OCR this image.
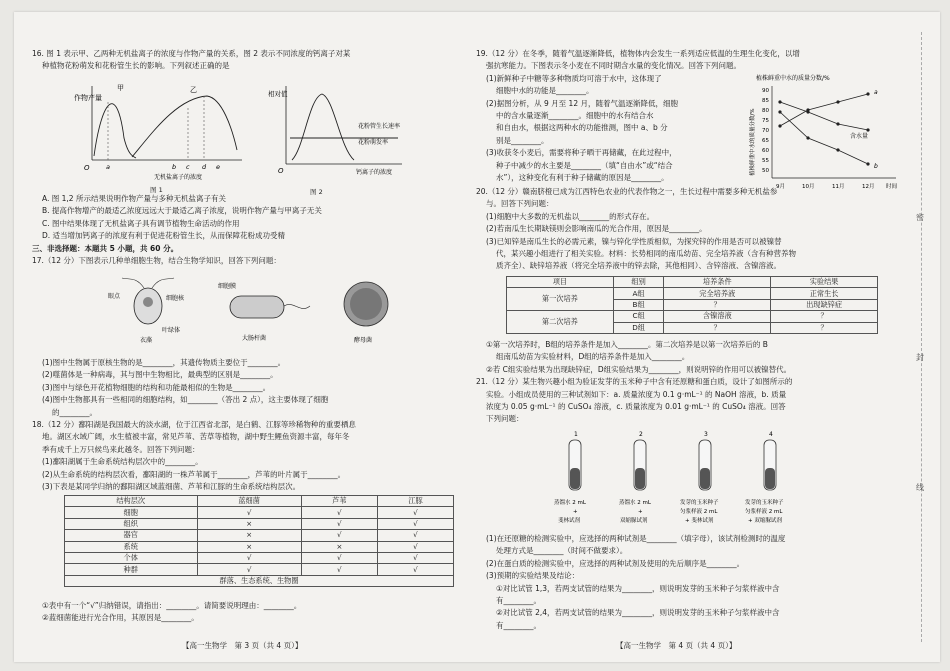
16. 图 1 表示甲、乙两种无机盐离子的浓度与作物产量的关系，图 2 表示不同浓度的钙离子对某

种植物花粉萌发和花粉管生长的影响。下列叙述正确的是

作物产量
甲	乙
O	a	b c d e
无机盐离子的浓度
图 1
相对值
花粉管生长速率
花粉萌发率
O	钙离子的浓度
图 2

A. 图 1,2 所示结果说明作物产量与多种无机盐离子有关

B. 提高作物增产的最适乙浓度远远大于最适乙离子浓度，说明作物产量与甲离子无关

C. 图中结果体现了无机盐离子具有调节植物生命活动的作用

D. 适当增加钙离子的浓度有利于促进花粉管生长，从而保障花粉成功受精

三、非选择题：本题共 5 小题，共 60 分。

17.（12 分）下图表示几种单细胞生物，结合生物学知识，回答下列问题：

眼点	细胞核
叶绿体
衣藻
细胞膜
大肠杆菌	酵母菌

(1)图中生物属于原核生物的是________，其遗传物质主要位于________。

(2)噬菌体是一种病毒，其与图中生物相比，最典型的区别是________。

(3)图中与绿色开花植物细胞的结构和功能最相似的生物是________。

(4)图中生物都具有一些相同的细胞结构，如________（答出 2 点），这主要体现了细胞

的________。

18.（12 分）鄱阳湖是我国最大的淡水湖，位于江西省北部，是白鹤、江豚等珍稀物种的重要栖息

地。湖区水域广阔，水生植被丰富，常见芦苇、苦草等植物，湖中野生鲤鱼资源丰富，每年冬

季有成千上万只候鸟来此越冬。回答下列问题：

(1)鄱阳湖属于生命系统结构层次中的________。

(2)从生命系统的结构层次看，鄱阳湖的一株芦苇属于________，芦苇的叶片属于________。

(3)下表是某同学归纳的鄱阳湖区域蓝细菌、芦苇和江豚的生命系统结构层次。

结构层次	蓝细菌	芦苇	江豚
细胞	√	√	√
组织	×	√	√
器官	×	√	√
系统	×	×	√
个体	√	√	√
种群	√	√	√
群落、生态系统、生物圈			

①表中有一个“√”归纳错误，请指出：________。请简要说明理由：________。

②蓝细菌能进行光合作用，其原因是________。

【高一生物学　第 3 页（共 4 页）】

19.（12 分）在冬季，随着气温逐渐降低，植物体内会发生一系列适应低温的生理生化变化，以增

强抗寒能力。下图表示冬小麦在不同时期含水量的变化情况。回答下列问题。

(1)新鲜种子中糖等多种物质均可溶于水中，这体现了

细胞中水的功能是________。

(2)据图分析，从 9 月至 12 月，随着气温逐渐降低，细胞

中的含水量逐渐________。细胞中的水有结合水

和自由水，根据这两种水的功能推测，图中 a、b 分

别是________。

(3)收获冬小麦后，需要将种子晒干再储藏，在此过程中，

种子中减少的水主要是________（填“自由水”或“结合

水”），这种变化有利于种子储藏的原因是________。

植株鲜重中水的质量分数/%
植株鲜重中水的质量分数/%
90
85
80
75
70
65
60
55
50
含水量
a
b
9月	10月	11月	12月 时间

20.（12 分）赣南脐橙已成为江西特色农业的代表作物之一，生长过程中需要多种无机盐参

与。回答下列问题：

(1)细胞中大多数的无机盐以________的形式存在。

(2)若南瓜生长期缺镁则会影响南瓜的光合作用，原因是________。

(3)已知锌是南瓜生长的必需元素，镍与锌化学性质相似，为探究锌的作用是否可以被镍替

代，某兴趣小组进行了相关实验。材料：长势相同的南瓜幼苗、完全培养液（含有种营养物

质齐全）、缺锌培养液（将完全培养液中的锌去除，其他相同）、含锌溶液、含镍溶液。

项目	组别	培养条件	实验结果
第一次培养	A组	完全培养液	正常生长
	B组	？	出现缺锌症
第二次培养	C组	含镍溶液	？
	D组	？	？

①第一次培养时，B组的培养条件是加入________。第二次培养是以第一次培养后的 B

组南瓜幼苗为实验材料，D组的培养条件是加入________。

②若 C组实验结果为出现缺锌症，D组实验结果为________，则说明锌的作用可以被镍替代。

21.（12 分）某生物兴趣小组为验证发芽的玉米种子中含有还原糖和蛋白质，设计了如图所示的

实验。小组成员使用的三种试剂如下：a. 质量浓度为 0.1 g·mL⁻¹ 的 NaOH 溶液，b. 质量

浓度为 0.05 g·mL⁻¹ 的 CuSO₄ 溶液，c. 质量浓度为 0.01 g·mL⁻¹ 的 CuSO₄ 溶液。回答

下列问题：

1
蒸馏水 2 mL
+
斐林试剂
2
蒸馏水 2 mL
+
双缩脲试剂
3
发芽的玉米种子
匀浆样液 2 mL
+ 斐林试剂
4
发芽的玉米种子
匀浆样液 2 mL
+ 双缩脲试剂

(1)在还原糖的检测实验中，应选择的两种试剂是________（填字母），该试剂检测时的温度

处理方式是________（时间不做要求）。

(2)在蛋白质的检测实验中，应选择的两种试剂及使用的先后顺序是________。

(3)预期的实验结果及结论：

①对比试管 1,3，若两支试管的结果为________，则说明发芽的玉米种子匀浆样液中含

有________。

②对比试管 2,4，若两支试管的结果为________，则说明发芽的玉米种子匀浆样液中含

有________。

【高一生物学　第 4 页（共 4 页）】
密
封
线
